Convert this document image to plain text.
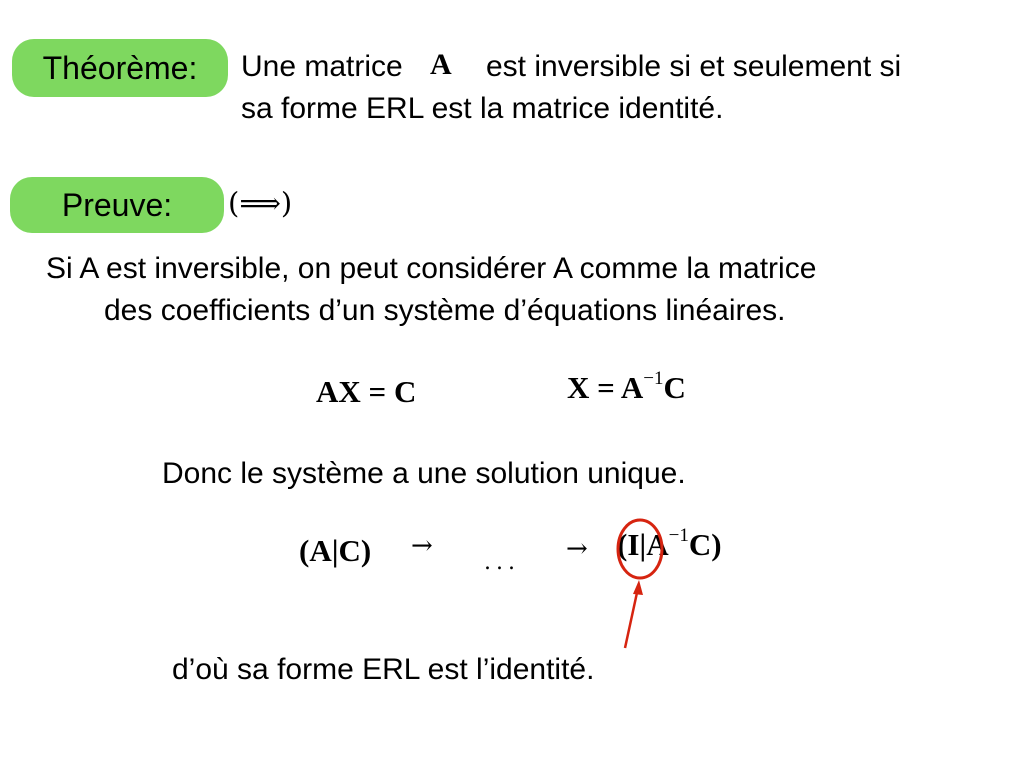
Théorème: Une matrice A est inversible si et seulement si
sa forme ERL est la matrice identité.
Preuve: (⟹)
Si A est inversible, on peut considérer A comme la matrice
des coefficients d’un système d’équations linéaires.
AX = C	$X = A^{-1}C$
Donc le système a une solution unique.
(A|C) →
... → $(I|A^{-1}C)$
d’où sa forme ERL est l’identité.
